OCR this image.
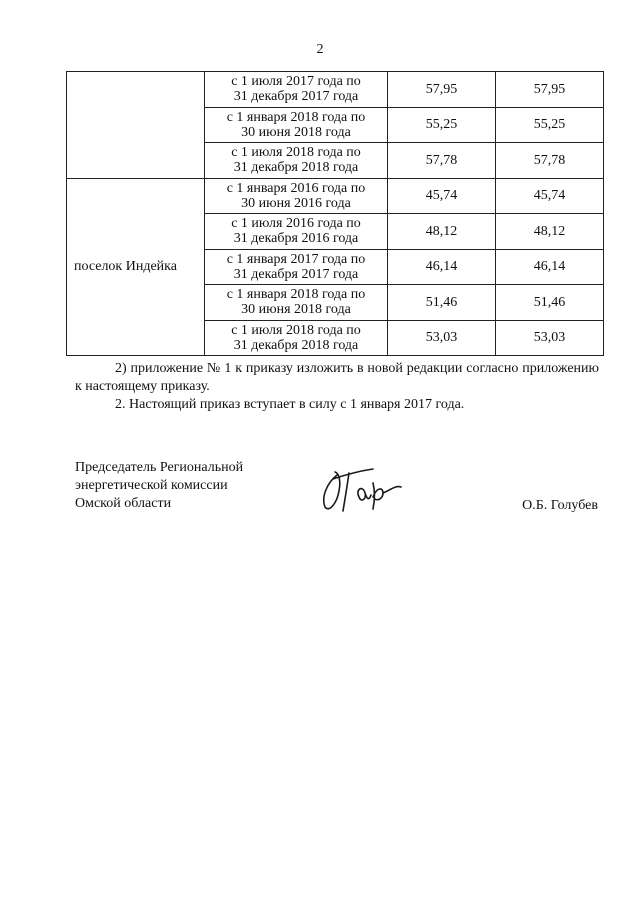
2
	с 1 июля 2017 года по
31 декабря 2017 года	57,95	57,95
	с 1 января 2018 года по
30 июня 2018 года	55,25	55,25
	с 1 июля 2018 года по
31 декабря 2018 года	57,78	57,78
поселок Индейка	с 1 января 2016 года по
30 июня 2016 года	45,74	45,74
	с 1 июля 2016 года по
31 декабря 2016 года	48,12	48,12
	с 1 января 2017 года по
31 декабря 2017 года	46,14	46,14
	с 1 января 2018 года по
30 июня 2018 года	51,46	51,46
	с 1 июля 2018 года по
31 декабря 2018 года	53,03	53,03
2) приложение № 1 к приказу изложить в новой редакции согласно приложению к настоящему приказу.
2. Настоящий приказ вступает в силу с 1 января 2017 года.
Председатель Региональной
энергетической комиссии
Омской области	О.Б. Голубев
